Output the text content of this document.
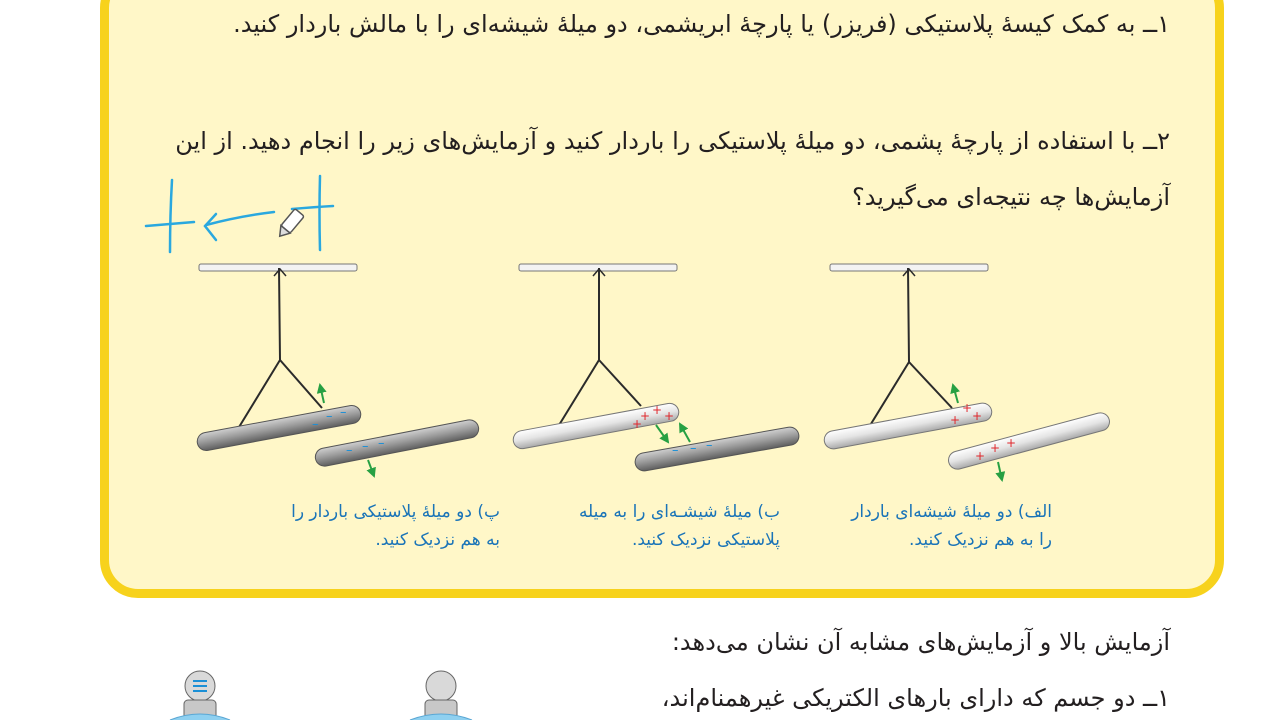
۱ــ به کمک کیسهٔ پلاستیکی (فریزر) یا پارچهٔ ابریشمی، دو میلهٔ شیشه‌ای را با مالش باردار کنید.

۲ــ با استفاده از پارچهٔ پشمی، دو میلهٔ پلاستیکی را باردار کنید و آزمایش‌های زیر را انجام دهید. از این آزمایش‌ها چه نتیجه‌ای می‌گیرید؟

+
+
+
+
+ +
+ +
+
+
– – –
– –
–
– – –
الف) دو میلهٔ شیشه‌ای باردار
را به هم نزدیک کنید.
ب) میلهٔ شیشـه‌ای را به میله
پلاستیکی نزدیک کنید.
پ) دو میلهٔ پلاستیکی باردار را
به هم نزدیک کنید.

آزمایش بالا و آزمایش‌های مشابه آن نشان می‌دهد:

۱ــ دو جسم که دارای بارهای الکتریکی غیرهمنام‌اند،
